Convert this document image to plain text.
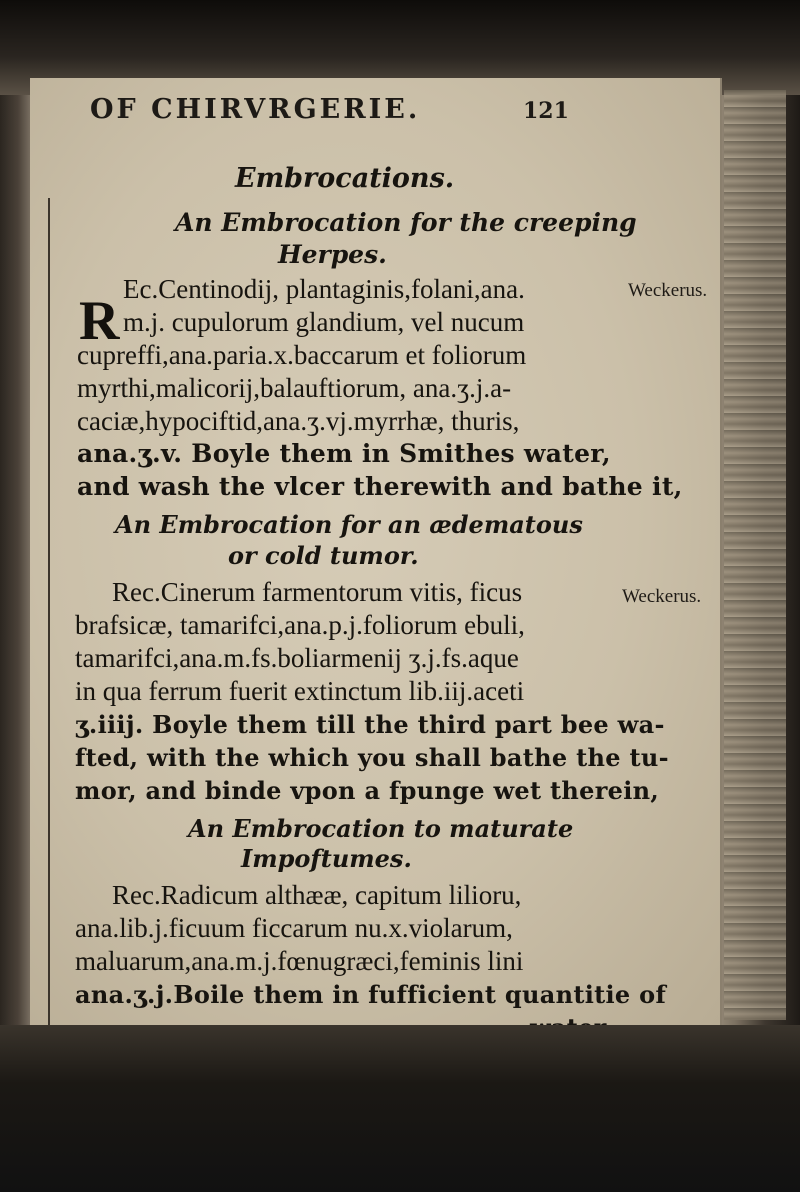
OF CHIRVRGERIE.	121
Embrocations.
An Embrocation for the creeping
Herpes.
R
Ec.Centinodij, plantaginis,folani,ana.
m.j. cupulorum glandium, vel nucum
cupreffi,ana.paria.x.baccarum et foliorum
myrthi,malicorij,balauftiorum, ana.ʒ.j.a-
caciæ,hypociftid,ana.ʒ.vj.myrrhæ, thuris,
ana.ʒ.v. Boyle them in Smithes water,
and wash the vlcer therewith and bathe it,
An Embrocation for an ædematous
or cold tumor.
Rec.Cinerum farmentorum vitis, ficus
brafsicæ, tamarifci,ana.p.j.foliorum ebuli,
tamarifci,ana.m.fs.boliarmenij ʒ.j.fs.aque
in qua ferrum fuerit extinctum lib.iij.aceti
ʒ.iiij. Boyle them till the third part bee wa-
fted, with the which you shall bathe the tu-
mor, and binde vpon a fpunge wet therein,
An Embrocation to maturate
Impoftumes.
Rec.Radicum althææ, capitum lilioru,
ana.lib.j.ficuum ficcarum nu.x.violarum,
maluarum,ana.m.j.fœnugræci,feminis lini
ana.ʒ.j.Boile them in fufficient quantitie of
Weckerus.
Weckerus.
